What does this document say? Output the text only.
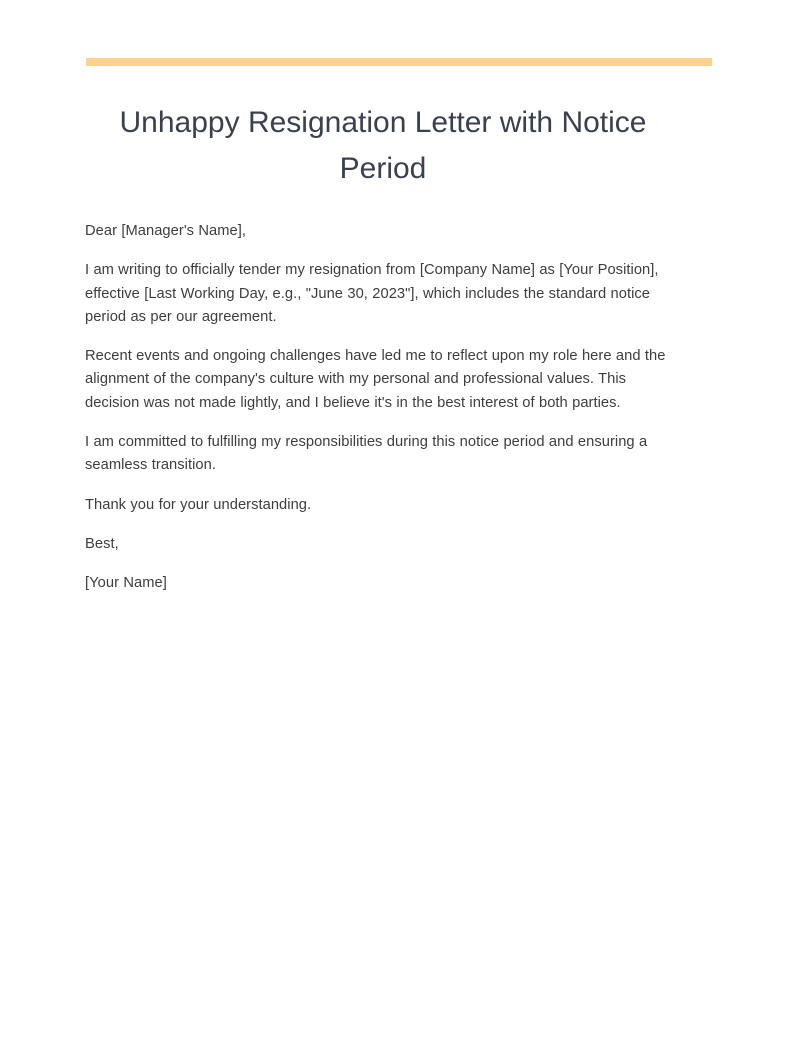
Unhappy Resignation Letter with Notice Period

Dear [Manager's Name],

I am writing to officially tender my resignation from [Company Name] as [Your Position], effective [Last Working Day, e.g., "June 30, 2023"], which includes the standard notice period as per our agreement.

Recent events and ongoing challenges have led me to reflect upon my role here and the alignment of the company's culture with my personal and professional values. This decision was not made lightly, and I believe it's in the best interest of both parties.

I am committed to fulfilling my responsibilities during this notice period and ensuring a seamless transition.

Thank you for your understanding.

Best,

[Your Name]
